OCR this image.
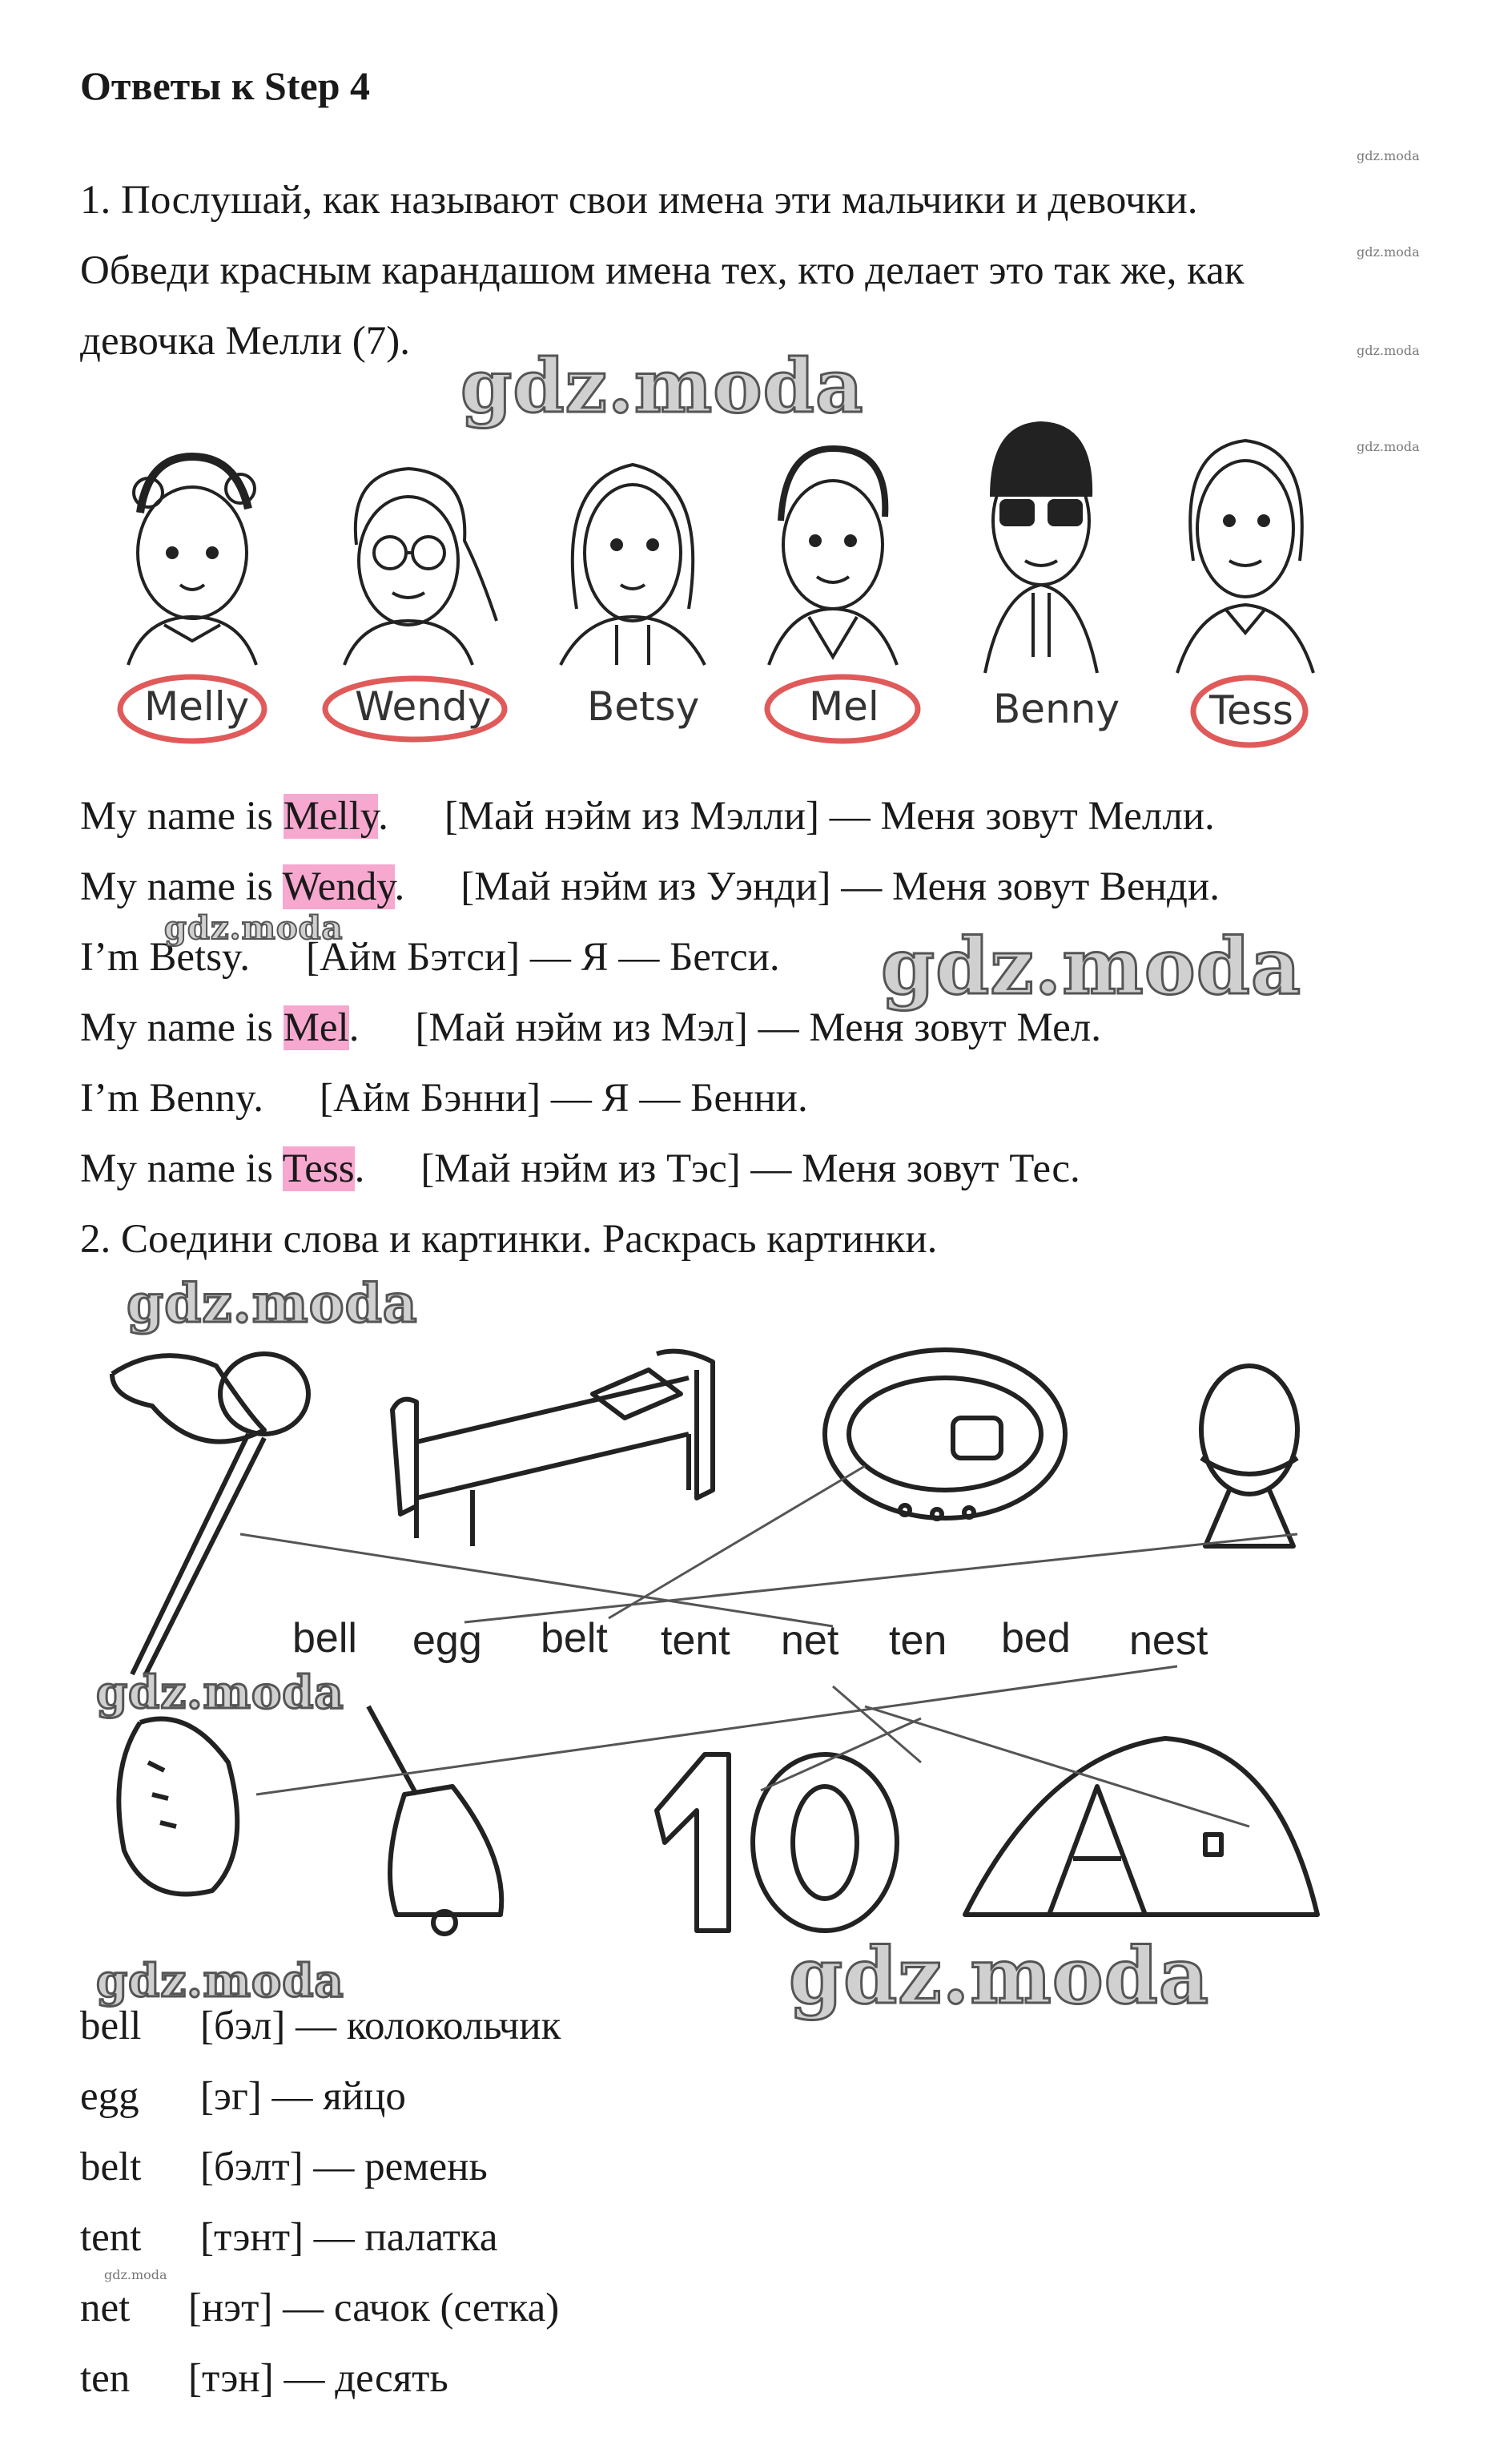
Ответы к Step 4
gdz.moda
gdz.moda
gdz.moda
gdz.moda
1. Послушай, как называют свои имена эти мальчики и девочки.
Обведи красным карандашом имена тех, кто делает это так же, как
девочка Мелли (7).
gdz.moda
Melly	Wendy Betsy	Mel	Benny Tess
My name is Melly. [Май нэйм из Мэлли] — Меня зовут Мелли.
My name is Wendy. [Май нэйм из Уэнди] — Меня зовут Венди.
I’m Betsy. [Айм Бэтси] — Я — Бетси.
My name is Mel. [Май нэйм из Мэл] — Меня зовут Мел.
I’m Benny. [Айм Бэнни] — Я — Бенни.
My name is Tess. [Май нэйм из Тэс] — Меня зовут Тес.
gdz.moda	gdz.moda
2. Соедини слова и картинки. Раскрась картинки.
gdz.moda
bell egg belt tent net ten bed nest
gdz.moda
gdz.moda	gdz.moda
bell [бэл] — колокольчик
egg [эг] — яйцо
belt [бэлт] — ремень
tent [тэнт] — палатка
gdz.moda
net [нэт] — сачок (сетка)
ten [тэн] — десять
